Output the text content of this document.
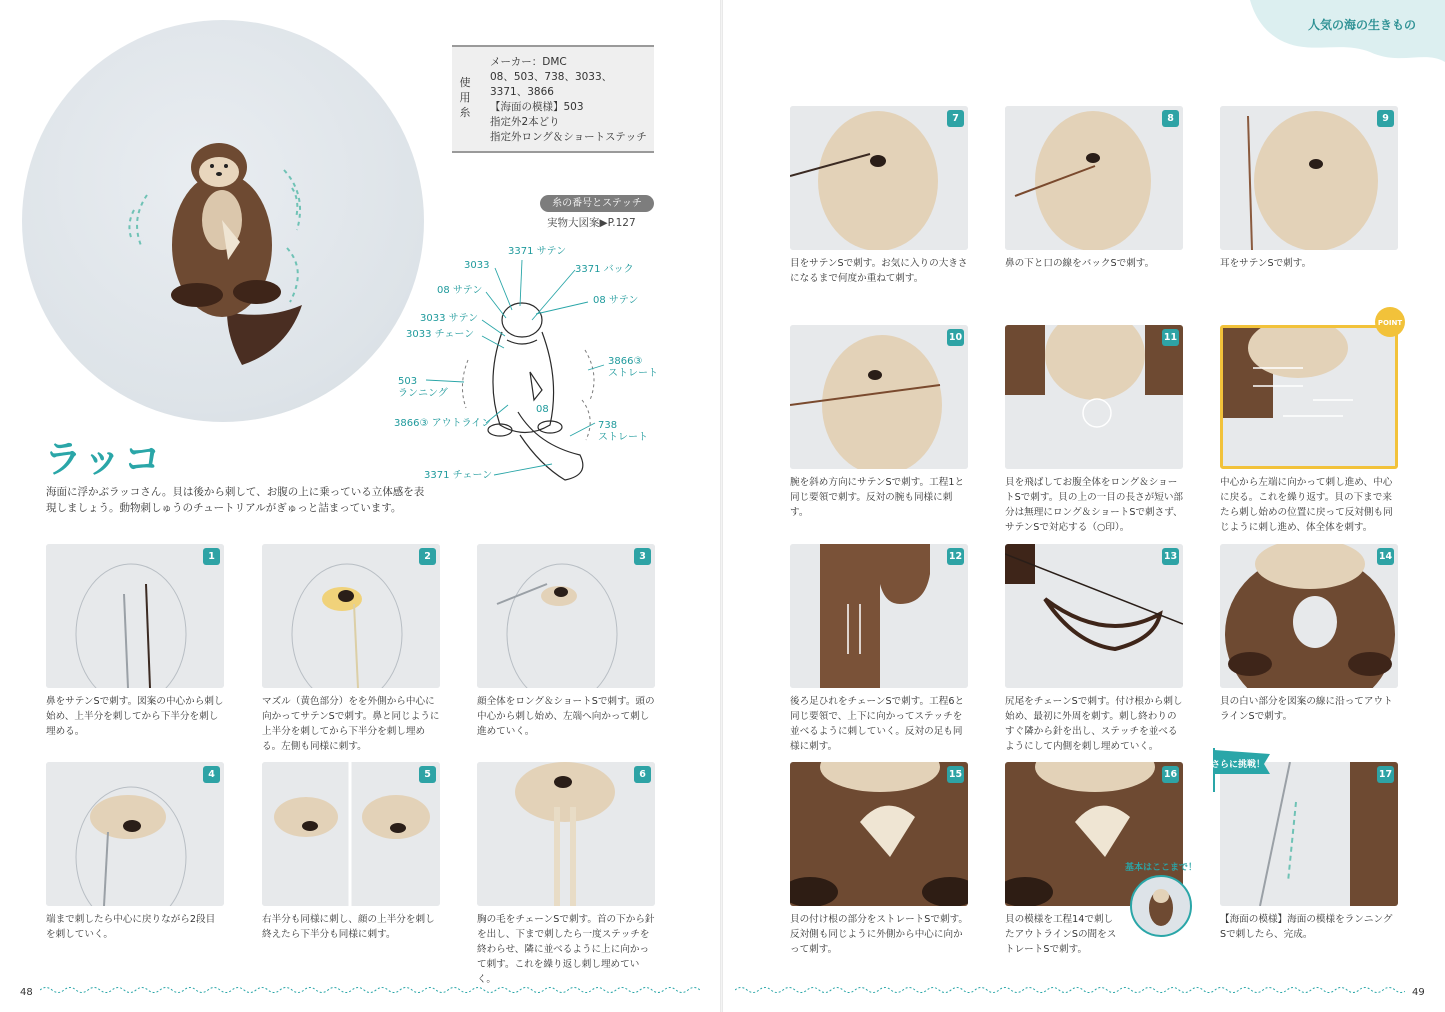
人気の海の生きもの
使
用
糸
メーカー：DMC
08、503、738、3033、
3371、3866
【海面の模様】503
指定外2本どり
指定外ロング＆ショートステッチ
糸の番号とステッチ
実物大図案▶P.127
3371 サテン
3033	3371 バック
08 サテン
08 サテン
3033 サテン
3033 チェーン
3866③
ストレート
503
ランニング
08
3866③ アウトライン	738
ストレート
3371 チェーン
ラッコ
海面に浮かぶラッコさん。貝は後から刺して、お腹の上に乗っている立体感を表現しましょう。動物刺しゅうのチュートリアルがぎゅっと詰まっています。
1
鼻をサテンSで刺す。図案の中心から刺し始め、上半分を刺してから下半分を刺し埋める。
2
マズル（黄色部分）をを外側から中心に向かってサテンSで刺す。鼻と同じように上半分を刺してから下半分を刺し埋める。左側も同様に刺す。
3
顔全体をロング＆ショートSで刺す。頭の中心から刺し始め、左端へ向かって刺し進めていく。
4
端まで刺したら中心に戻りながら2段目を刺していく。
5
右半分も同様に刺し、顔の上半分を刺し終えたら下半分も同様に刺す。
6
胸の毛をチェーンSで刺す。首の下から針を出し、下まで刺したら一度ステッチを終わらせ、隣に並べるように上に向かって刺す。これを繰り返し刺し埋めていく。
7
目をサテンSで刺す。お気に入りの大きさになるまで何度か重ねて刺す。
8
鼻の下と口の線をバックSで刺す。
9
耳をサテンSで刺す。
10
腕を斜め方向にサテンSで刺す。工程1と同じ要領で刺す。反対の腕も同様に刺す。
11
貝を飛ばしてお腹全体をロング＆ショートSで刺す。貝の上の一目の長さが短い部分は無理にロング＆ショートSで刺さず、サテンSで対応する（○印）。
中心から左端に向かって刺し進め、中心に戻る。これを繰り返す。貝の下まで来たら刺し始めの位置に戻って反対側も同じように刺し進め、体全体を刺す。
12
後ろ足ひれをチェーンSで刺す。工程6と同じ要領で、上下に向かってステッチを並べるように刺していく。反対の足も同様に刺す。
13
尻尾をチェーンSで刺す。付け根から刺し始め、最初に外周を刺す。刺し終わりのすぐ隣から針を出し、ステッチを並べるようにして内側を刺し埋めていく。
14
貝の白い部分を図案の線に沿ってアウトラインSで刺す。
15
貝の付け根の部分をストレートSで刺す。反対側も同じように外側から中心に向かって刺す。
16
貝の模様を工程14で刺したアウトラインSの間をストレートSで刺す。
17
【海面の模様】海面の模様をランニングSで刺したら、完成。
POINT
さらに挑戦！
基本はここまで！
48	49
